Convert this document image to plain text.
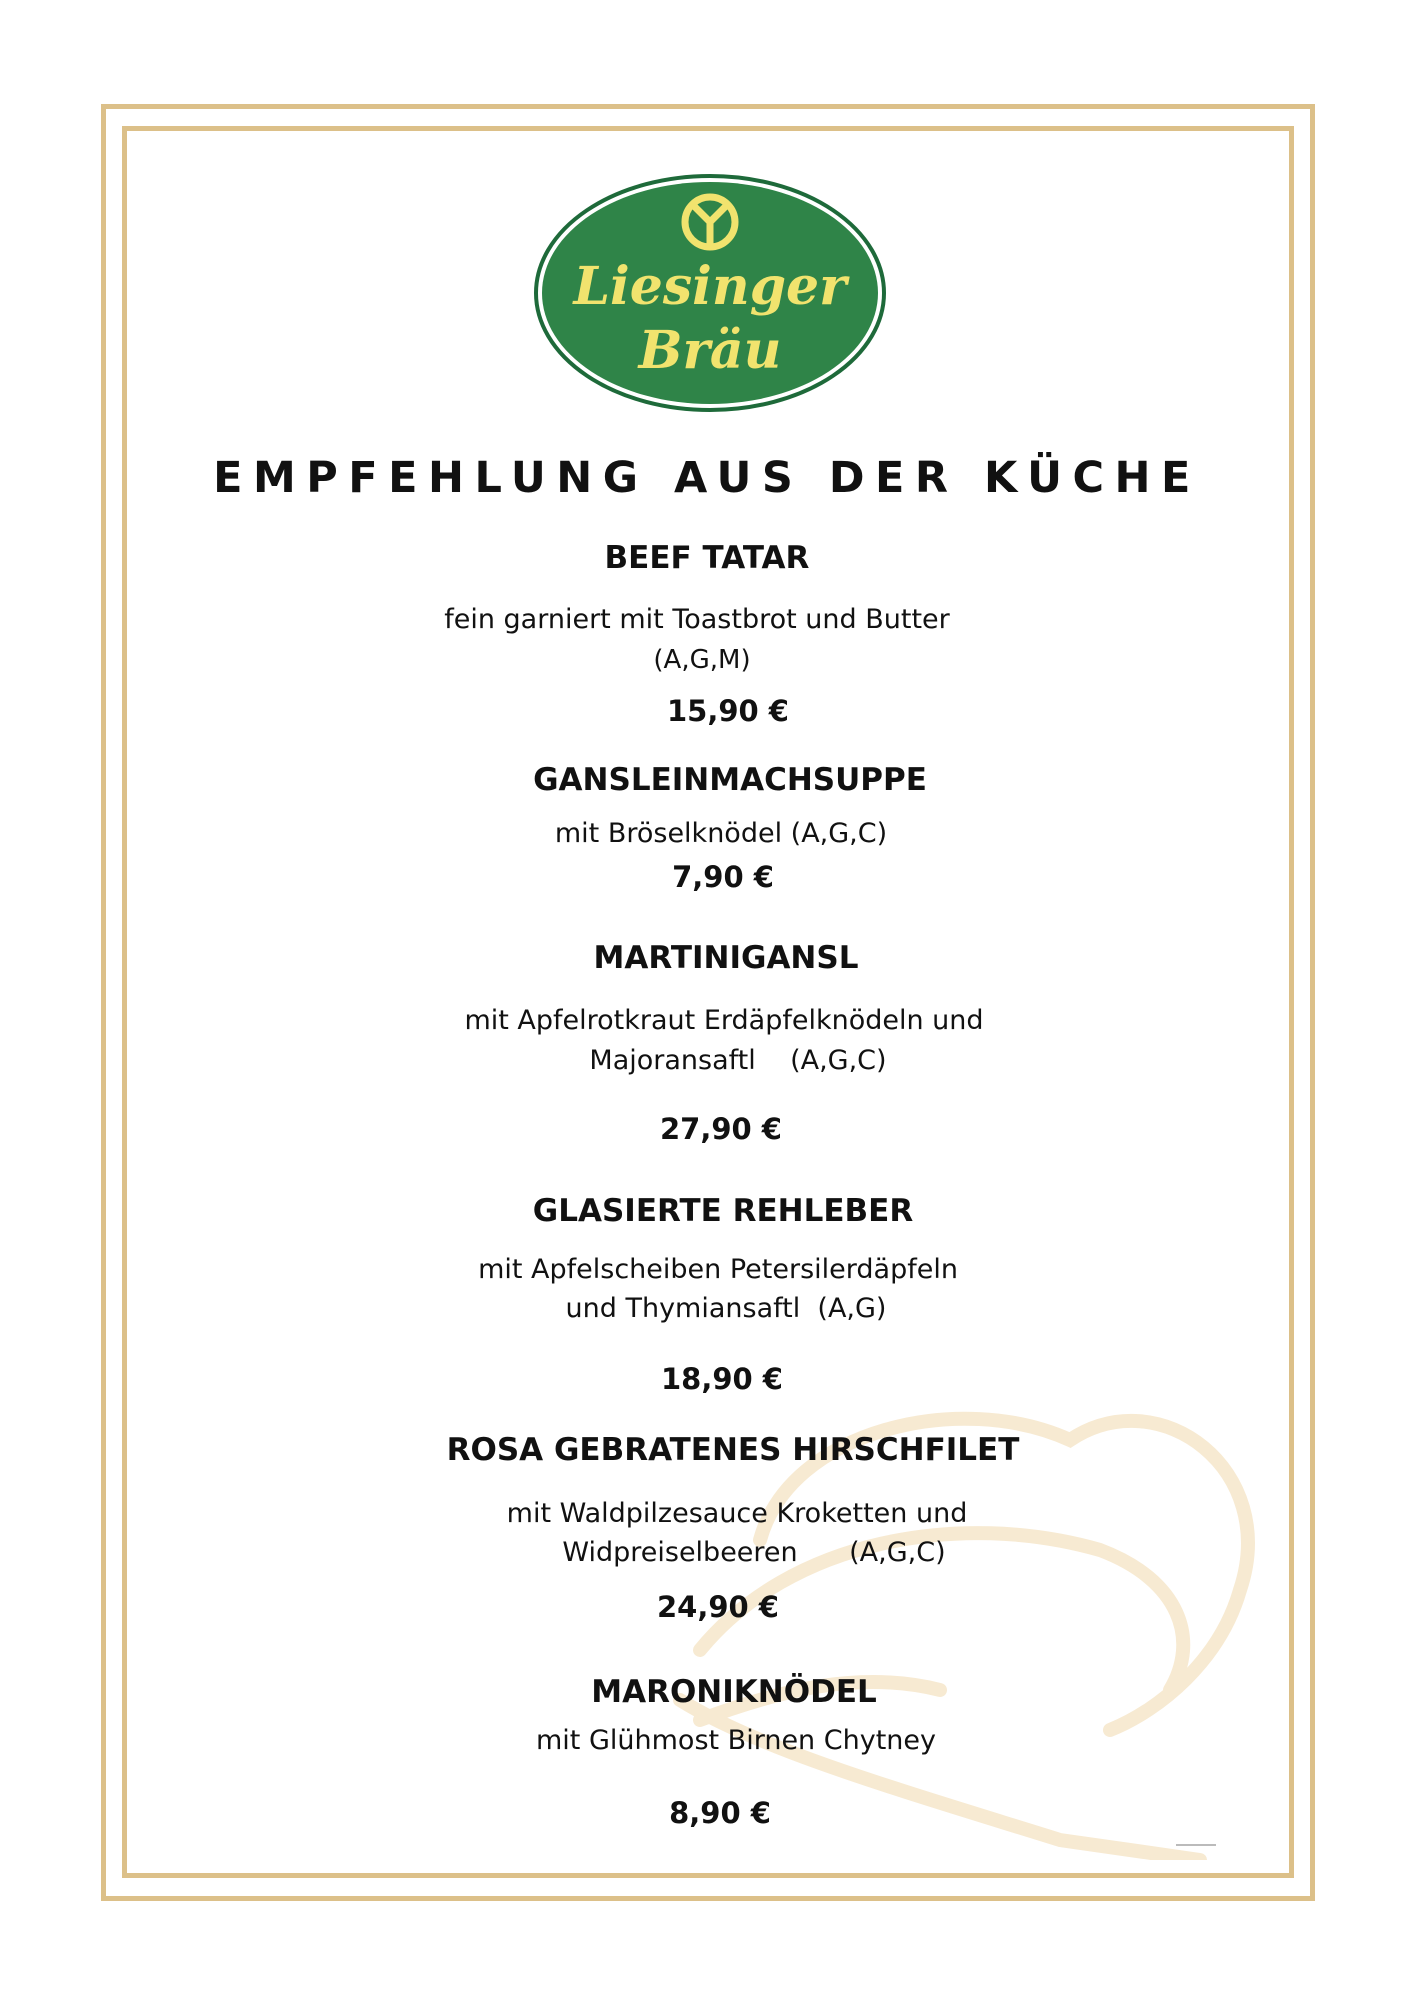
Liesinger
Bräu
EMPFEHLUNG AUS DER KÜCHE
BEEF TATAR
fein garniert mit Toastbrot und Butter
(A,G,M)
15,90 €
GANSLEINMACHSUPPE
mit Bröselknödel (A,G,C)
7,90 €
MARTINIGANSL
mit Apfelrotkraut Erdäpfelknödeln und
Majoransaftl    (A,G,C)
27,90 €
GLASIERTE REHLEBER
mit Apfelscheiben Petersilerdäpfeln
und Thymiansaftl  (A,G)
18,90 €
ROSA GEBRATENES HIRSCHFILET
mit Waldpilzesauce Kroketten und
Widpreiselbeeren      (A,G,C)
24,90 €
MARONIKNÖDEL
mit Glühmost Birnen Chytney
8,90 €
